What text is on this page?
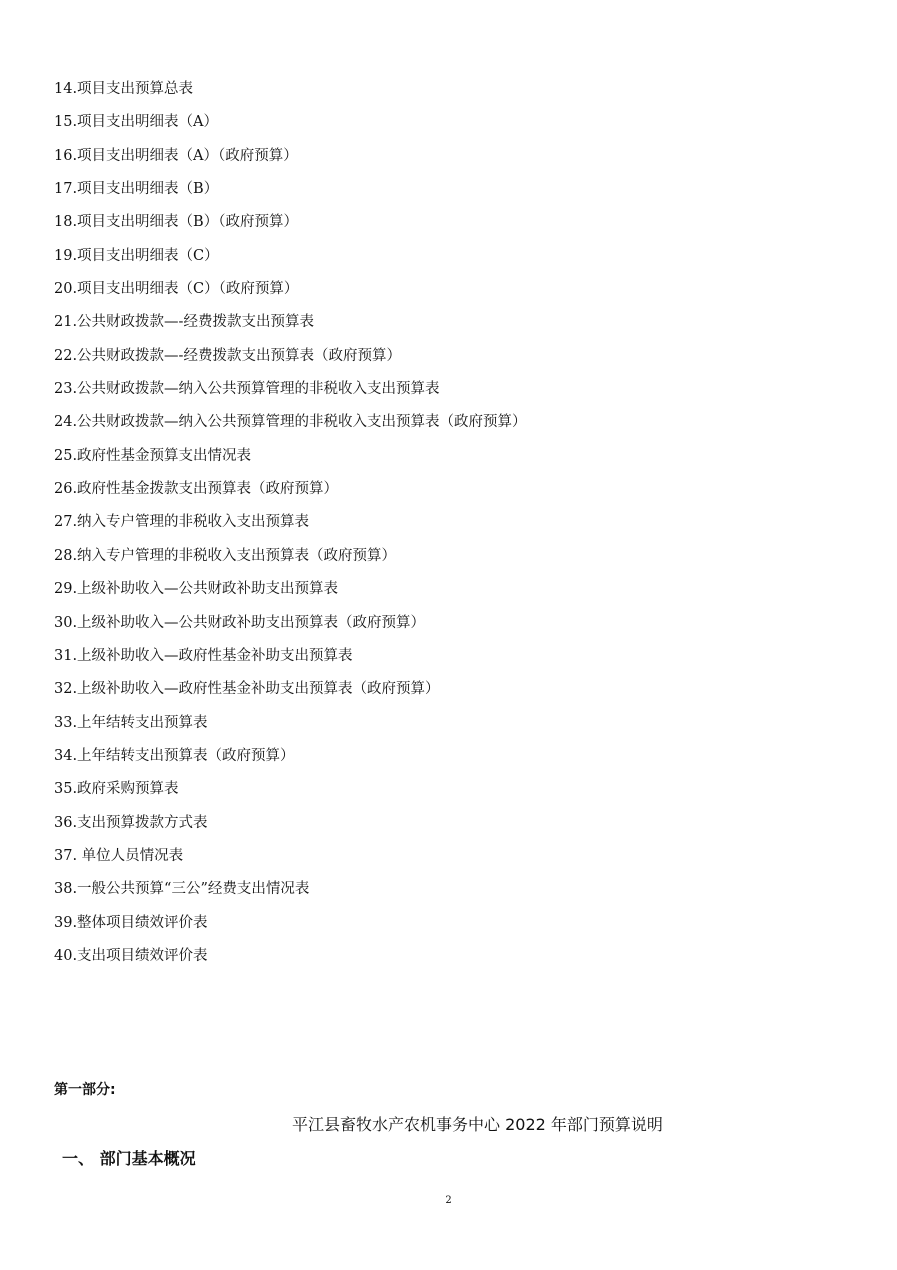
14.项目支出预算总表
15.项目支出明细表（A）
16.项目支出明细表（A）（政府预算）
17.项目支出明细表（B）
18.项目支出明细表（B）（政府预算）
19.项目支出明细表（C）
20.项目支出明细表（C）（政府预算）
21.公共财政拨款—-经费拨款支出预算表
22.公共财政拨款—-经费拨款支出预算表（政府预算）
23.公共财政拨款—纳入公共预算管理的非税收入支出预算表
24.公共财政拨款—纳入公共预算管理的非税收入支出预算表（政府预算）
25.政府性基金预算支出情况表
26.政府性基金拨款支出预算表（政府预算）
27.纳入专户管理的非税收入支出预算表
28.纳入专户管理的非税收入支出预算表（政府预算）
29.上级补助收入—公共财政补助支出预算表
30.上级补助收入—公共财政补助支出预算表（政府预算）
31.上级补助收入—政府性基金补助支出预算表
32.上级补助收入—政府性基金补助支出预算表（政府预算）
33.上年结转支出预算表
34.上年结转支出预算表（政府预算）
35.政府采购预算表
36.支出预算拨款方式表
37. 单位人员情况表
38.一般公共预算“三公”经费支出情况表
39.整体项目绩效评价表
40.支出项目绩效评价表
第一部分:
平江县畜牧水产农机事务中心 2022 年部门预算说明
一、 部门基本概况
2
